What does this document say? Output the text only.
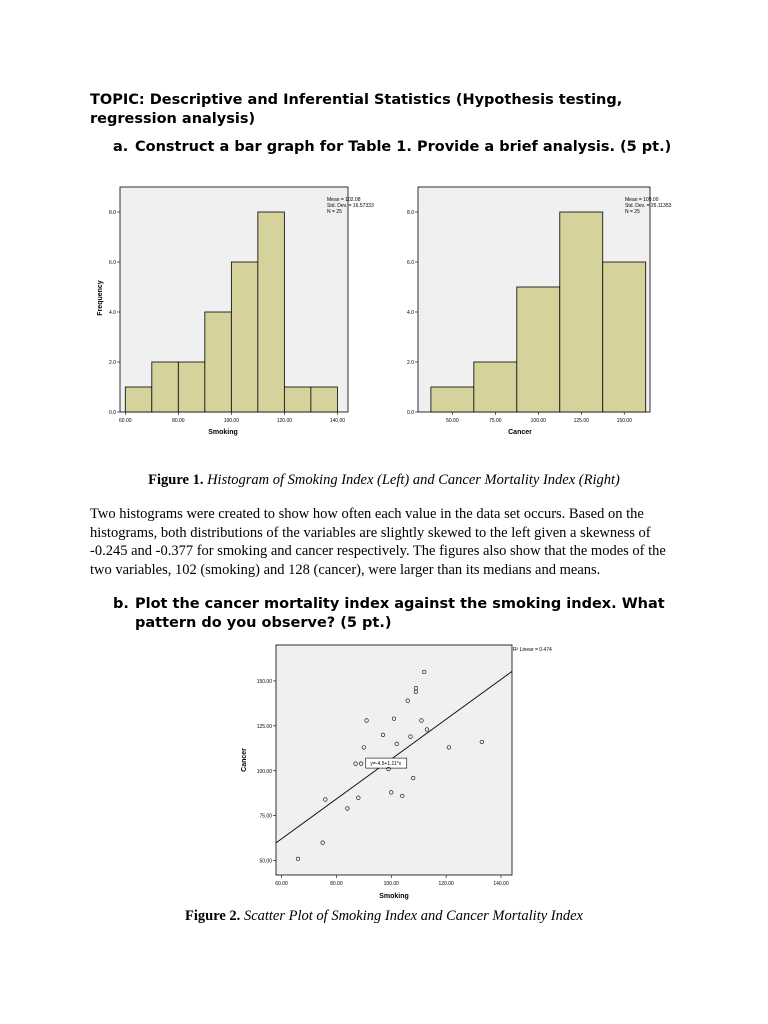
TOPIC: Descriptive and Inferential Statistics (Hypothesis testing, regression analysis)
a. Construct a bar graph for Table 1. Provide a brief analysis. (5 pt.)
60.00	80.00	100.00	120.00	140.00
0.0
2.0
4.0
6.0
8.0
Frequency
Smoking
Mean = 102.08
Std. Dev. = 16.57333
N = 25
50.00	75.00	100.00	125.00	150.00
0.0
2.0
4.0
6.0
8.0
Cancer
Mean = 109.00
Std. Dev. = 26.11353
N = 25
Figure 1. Histogram of Smoking Index (Left) and Cancer Mortality Index (Right)
Two histograms were created to show how often each value in the data set occurs. Based on the histograms, both distributions of the variables are slightly skewed to the left given a skewness of -0.245 and -0.377 for smoking and cancer respectively. The figures also show that the modes of the two variables, 102 (smoking) and 128 (cancer), were larger than its medians and means.
b. Plot the cancer mortality index against the smoking index. What pattern do you observe? (5 pt.)
60.00	80.00	100.00	120.00	140.00
50.00
75.00
100.00
125.00
150.00
y=-4.5+1.11*x
Cancer
Smoking
R² Linear = 0.474
Figure 2. Scatter Plot of Smoking Index and Cancer Mortality Index
